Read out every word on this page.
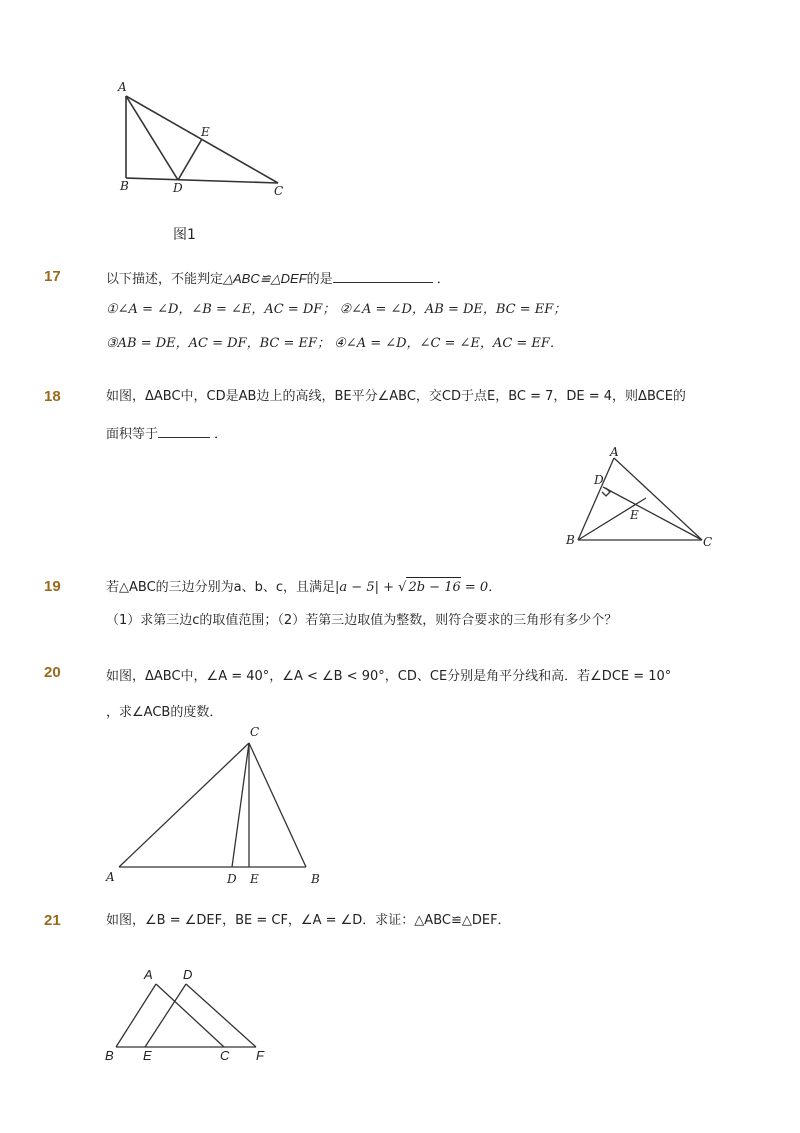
A
E
B	D	C
图1
17	以下描述，不能判定△ABC≌△DEF的是	．
①∠A = ∠D，∠B = ∠E，AC = DF； ②∠A = ∠D，AB = DE，BC = EF；
③AB = DE，AC = DF，BC = EF； ④∠A = ∠D，∠C = ∠E，AC = EF．
18	如图，ΔABC中，CD是AB边上的高线，BE平分∠ABC，交CD于点E，BC = 7，DE = 4，则ΔBCE的
面积等于	．
A
D
E
B	C
19	若△ABC的三边分别为a、b、c，且满足|a − 5| + √ 2b − 16 = 0．
（1）求第三边c的取值范围；（2）若第三边取值为整数，则符合要求的三角形有多少个？
20	如图，ΔABC中，∠A = 40°，∠A < ∠B < 90°，CD、CE分别是角平分线和高．若∠DCE = 10°
，求∠ACB的度数．
C
A	D E	B
21	如图，∠B = ∠DEF，BE = CF，∠A = ∠D．求证：△ABC≌△DEF．
A D
B E	C F
